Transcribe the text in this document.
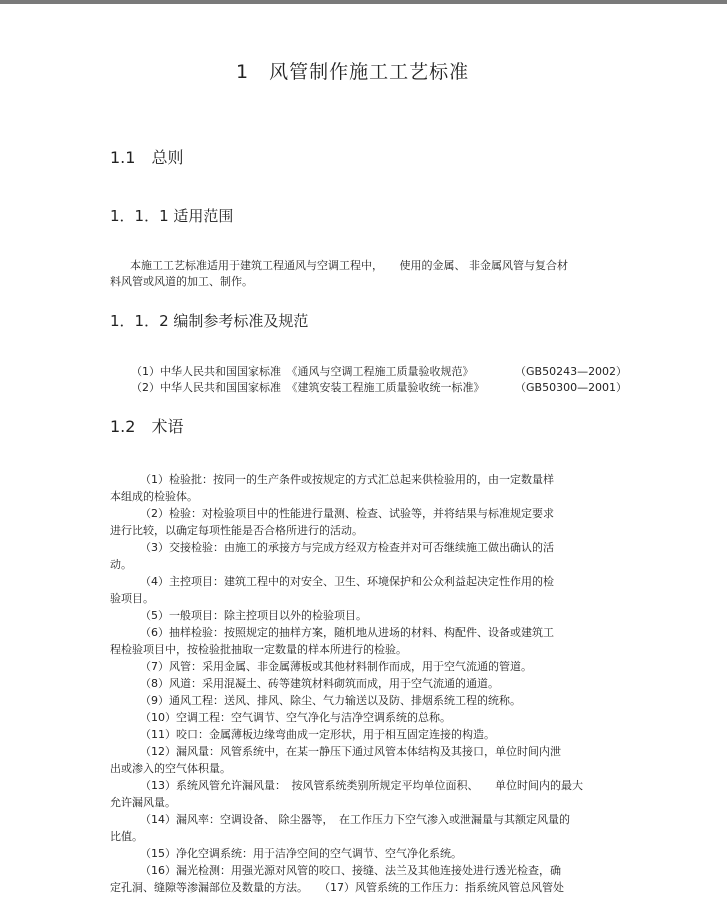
1　风管制作施工工艺标准
1.1　总则
1．1．1 适用范围
本施工工艺标准适用于建筑工程通风与空调工程中，　　使用的金属、 非金属风管与复合材
料风管或风道的加工、制作。
1．1．2 编制参考标准及规范
（1）中华人民共和国国家标准　《通风与空调工程施工质量验收规范》	（GB50243—2002）
（2）中华人民共和国国家标准　《建筑安装工程施工质量验收统一标准》	（GB50300—2001）
1.2　术语
（1）检验批：按同一的生产条件或按规定的方式汇总起来供检验用的，由一定数量样
本组成的检验体。
（2）检验：对检验项目中的性能进行量测、检查、试验等，并将结果与标准规定要求
进行比较，以确定每项性能是否合格所进行的活动。
（3）交接检验：由施工的承接方与完成方经双方检查并对可否继续施工做出确认的活
动。
（4）主控项目：建筑工程中的对安全、卫生、环境保护和公众利益起决定性作用的检
验项目。
（5）一般项目：除主控项目以外的检验项目。
（6）抽样检验：按照规定的抽样方案，随机地从进场的材料、构配件、设备或建筑工
程检验项目中，按检验批抽取一定数量的样本所进行的检验。
（7）风管：采用金属、非金属薄板或其他材料制作而成，用于空气流通的管道。
（8）风道：采用混凝土、砖等建筑材料砌筑而成，用于空气流通的通道。
（9）通风工程：送风、排风、除尘、气力输送以及防、排烟系统工程的统称。
（10）空调工程：空气调节、空气净化与洁净空调系统的总称。
（11）咬口：金属薄板边缘弯曲成一定形状，用于相互固定连接的构造。
（12）漏风量：风管系统中，在某一静压下通过风管本体结构及其接口，单位时间内泄
出或渗入的空气体积量。
（13）系统风管允许漏风量：　按风管系统类别所规定平均单位面积、　　单位时间内的最大
允许漏风量。
（14）漏风率：空调设备、 除尘器等，　在工作压力下空气渗入或泄漏量与其额定风量的
比值。
（15）净化空调系统：用于洁净空间的空气调节、空气净化系统。
（16）漏光检测：用强光源对风管的咬口、接缝、法兰及其他连接处进行透光检查，确
定孔洞、缝隙等渗漏部位及数量的方法。　　（17）风管系统的工作压力：指系统风管总风管处
